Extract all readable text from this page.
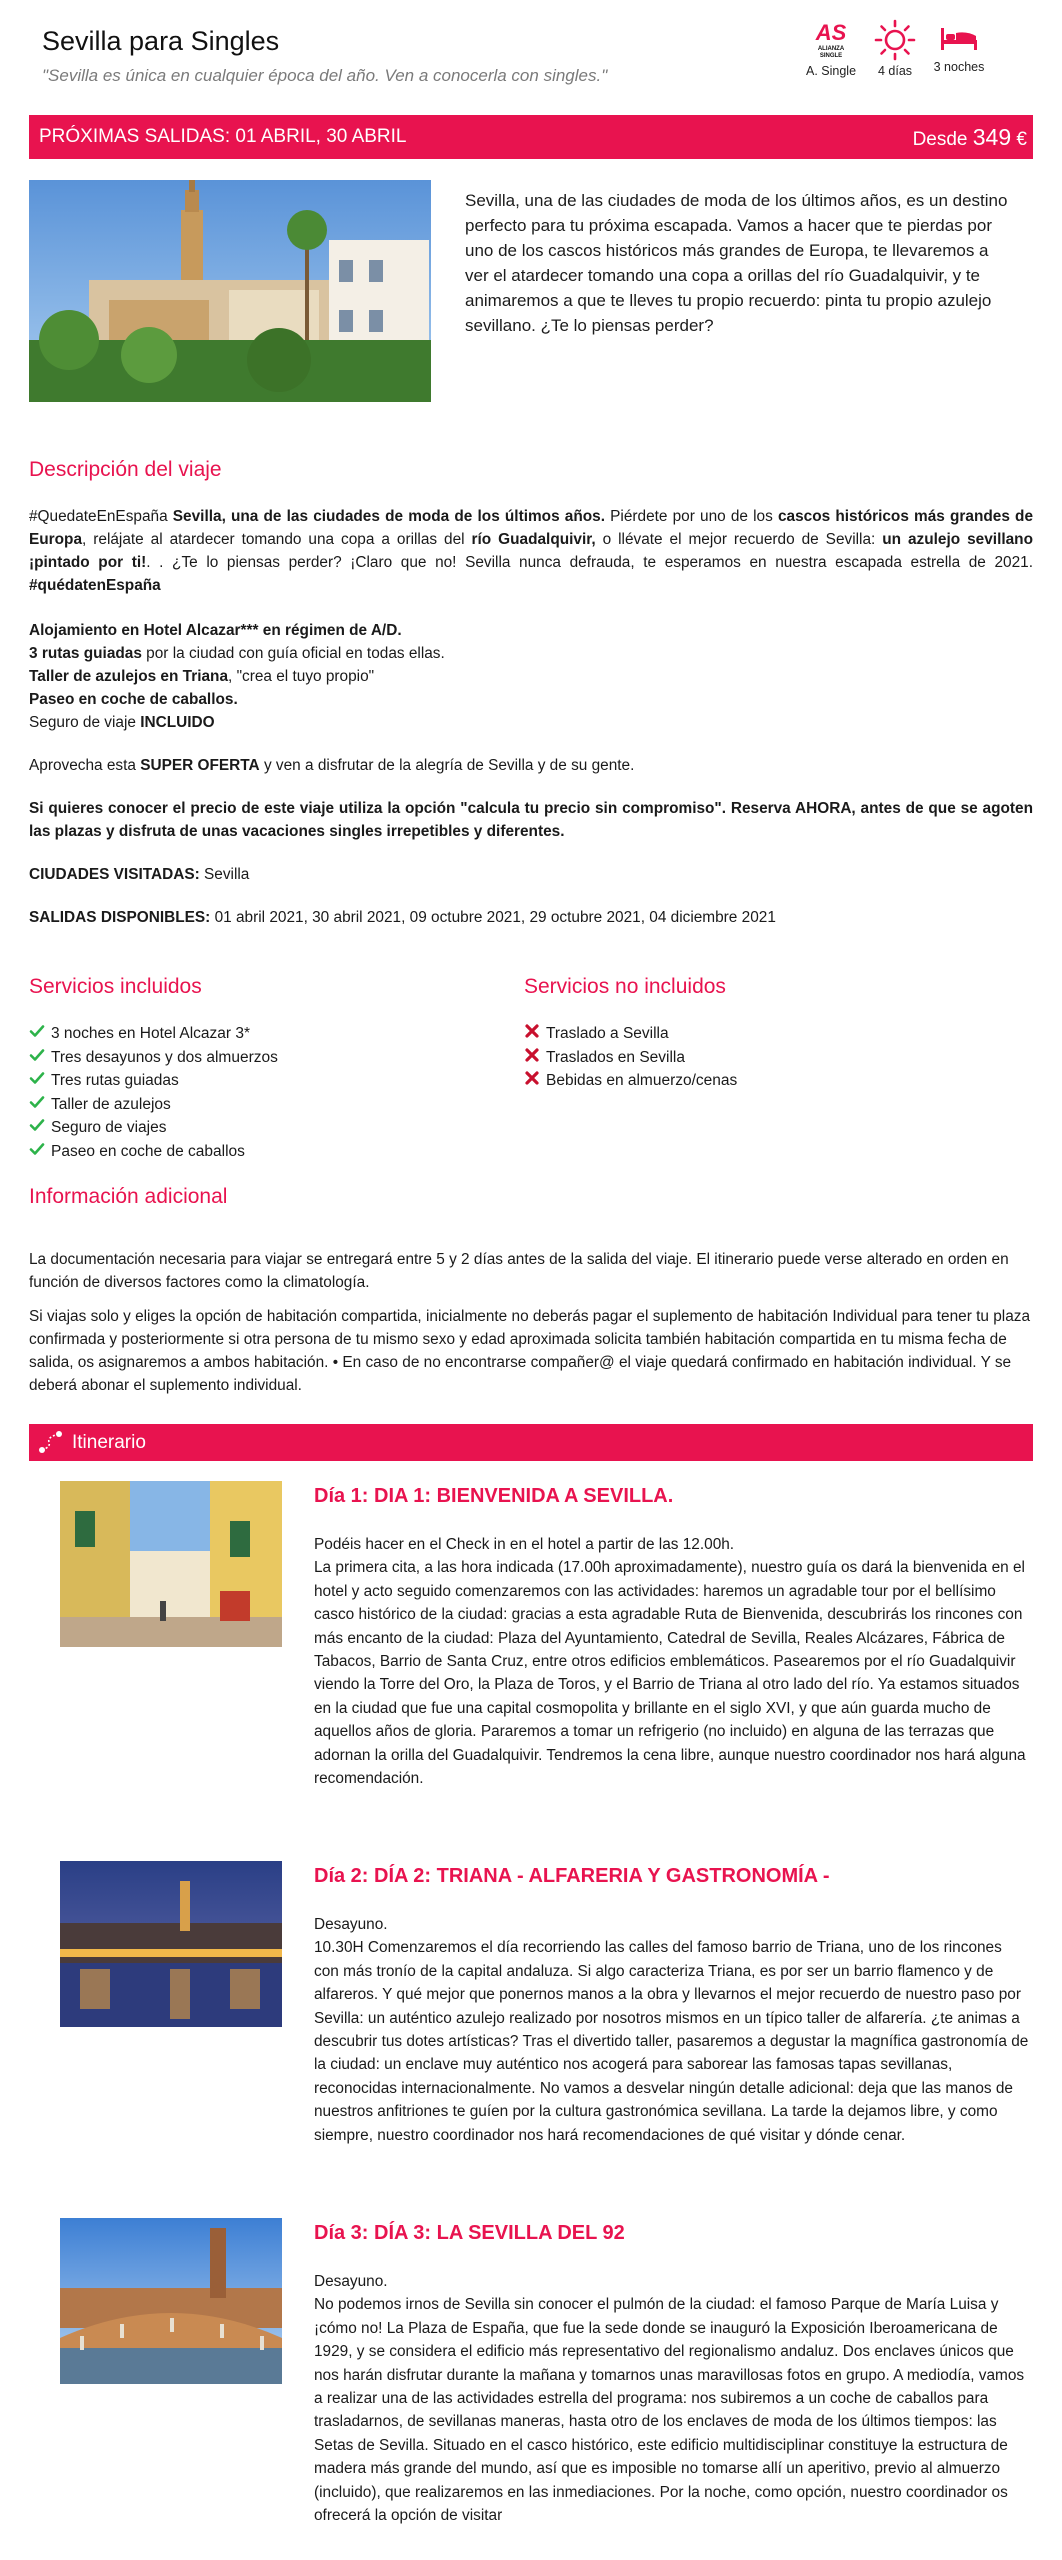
Sevilla para Singles
"Sevilla es única en cualquier época del año. Ven a conocerla con singles."
AS
ALIANZA
SINGLE
A. Single	4 días	3 noches
PRÓXIMAS SALIDAS: 01 ABRIL, 30 ABRIL	Desde 349 €
Sevilla, una de las ciudades de moda de los últimos años, es un destino perfecto para tu próxima escapada. Vamos a hacer que te pierdas por uno de los cascos históricos más grandes de Europa, te llevaremos a ver el atardecer tomando una copa a orillas del río Guadalquivir, y te animaremos a que te lleves tu propio recuerdo: pinta tu propio azulejo sevillano. ¿Te lo piensas perder?
Descripción del viaje

#QuedateEnEspaña Sevilla, una de las ciudades de moda de los últimos años. Piérdete por uno de los cascos históricos más grandes de Europa, relájate al atardecer tomando una copa a orillas del río Guadalquivir, o llévate el mejor recuerdo de Sevilla: un azulejo sevillano ¡pintado por ti!. . ¿Te lo piensas perder? ¡Claro que no! Sevilla nunca defrauda, te esperamos en nuestra escapada estrella de 2021. #quédatenEspaña

Alojamiento en Hotel Alcazar*** en régimen de A/D.
3 rutas guiadas por la ciudad con guía oficial en todas ellas.
Taller de azulejos en Triana, "crea el tuyo propio"
Paseo en coche de caballos.
Seguro de viaje INCLUIDO

Aprovecha esta SUPER OFERTA y ven a disfrutar de la alegría de Sevilla y de su gente.

Si quieres conocer el precio de este viaje utiliza la opción "calcula tu precio sin compromiso". Reserva AHORA, antes de que se agoten las plazas y disfruta de unas vacaciones singles irrepetibles y diferentes.

CIUDADES VISITADAS: Sevilla

SALIDAS DISPONIBLES: 01 abril 2021, 30 abril 2021, 09 octubre 2021, 29 octubre 2021, 04 diciembre 2021

Servicios incluidos
3 noches en Hotel Alcazar 3*
Tres desayunos y dos almuerzos
Tres rutas guiadas
Taller de azulejos
Seguro de viajes
Paseo en coche de caballos
Servicios no incluidos
Traslado a Sevilla
Traslados en Sevilla
Bebidas en almuerzo/cenas
Información adicional

La documentación necesaria para viajar se entregará entre 5 y 2 días antes de la salida del viaje. El itinerario puede verse alterado en orden en función de diversos factores como la climatología.

Si viajas solo y eliges la opción de habitación compartida, inicialmente no deberás pagar el suplemento de habitación Individual para tener tu plaza confirmada y posteriormente si otra persona de tu mismo sexo y edad aproximada solicita también habitación compartida en tu misma fecha de salida, os asignaremos a ambos habitación. • En caso de no encontrarse compañer@ el viaje quedará confirmado en habitación individual. Y se deberá abonar el suplemento individual.

Itinerario
Día 1: DIA 1: BIENVENIDA A SEVILLA.

Podéis hacer en el Check in en el hotel a partir de las 12.00h.

La primera cita, a las hora indicada (17.00h aproximadamente), nuestro guía os dará la bienvenida en el hotel y acto seguido comenzaremos con las actividades: haremos un agradable tour por el bellísimo casco histórico de la ciudad: gracias a esta agradable Ruta de Bienvenida, descubrirás los rincones con más encanto de la ciudad: Plaza del Ayuntamiento, Catedral de Sevilla, Reales Alcázares, Fábrica de Tabacos, Barrio de Santa Cruz, entre otros edificios emblemáticos. Pasearemos por el río Guadalquivir viendo la Torre del Oro, la Plaza de Toros, y el Barrio de Triana al otro lado del río. Ya estamos situados en la ciudad que fue una capital cosmopolita y brillante en el siglo XVI, y que aún guarda mucho de aquellos años de gloria. Pararemos a tomar un refrigerio (no incluido) en alguna de las terrazas que adornan la orilla del Guadalquivir. Tendremos la cena libre, aunque nuestro coordinador nos hará alguna recomendación.

Día 2: DÍA 2: TRIANA - ALFARERIA Y GASTRONOMÍA -

Desayuno.

10.30H Comenzaremos el día recorriendo las calles del famoso barrio de Triana, uno de los rincones con más tronío de la capital andaluza. Si algo caracteriza Triana, es por ser un barrio flamenco y de alfareros. Y qué mejor que ponernos manos a la obra y llevarnos el mejor recuerdo de nuestro paso por Sevilla: un auténtico azulejo realizado por nosotros mismos en un típico taller de alfarería. ¿te animas a descubrir tus dotes artísticas? Tras el divertido taller, pasaremos a degustar la magnífica gastronomía de la ciudad: un enclave muy auténtico nos acogerá para saborear las famosas tapas sevillanas, reconocidas internacionalmente. No vamos a desvelar ningún detalle adicional: deja que las manos de nuestros anfitriones te guíen por la cultura gastronómica sevillana. La tarde la dejamos libre, y como siempre, nuestro coordinador nos hará recomendaciones de qué visitar y dónde cenar.

Día 3: DÍA 3: LA SEVILLA DEL 92

Desayuno.

No podemos irnos de Sevilla sin conocer el pulmón de la ciudad: el famoso Parque de María Luisa y ¡cómo no! La Plaza de España, que fue la sede donde se inauguró la Exposición Iberoamericana de 1929, y se considera el edificio más representativo del regionalismo andaluz. Dos enclaves únicos que nos harán disfrutar durante la mañana y tomarnos unas maravillosas fotos en grupo. A mediodía, vamos a realizar una de las actividades estrella del programa: nos subiremos a un coche de caballos para trasladarnos, de sevillanas maneras, hasta otro de los enclaves de moda de los últimos tiempos: las Setas de Sevilla. Situado en el casco histórico, este edificio multidisciplinar constituye la estructura de madera más grande del mundo, así que es imposible no tomarse allí un aperitivo, previo al almuerzo (incluido), que realizaremos en las inmediaciones. Por la noche, como opción, nuestro coordinador os ofrecerá la opción de visitar
